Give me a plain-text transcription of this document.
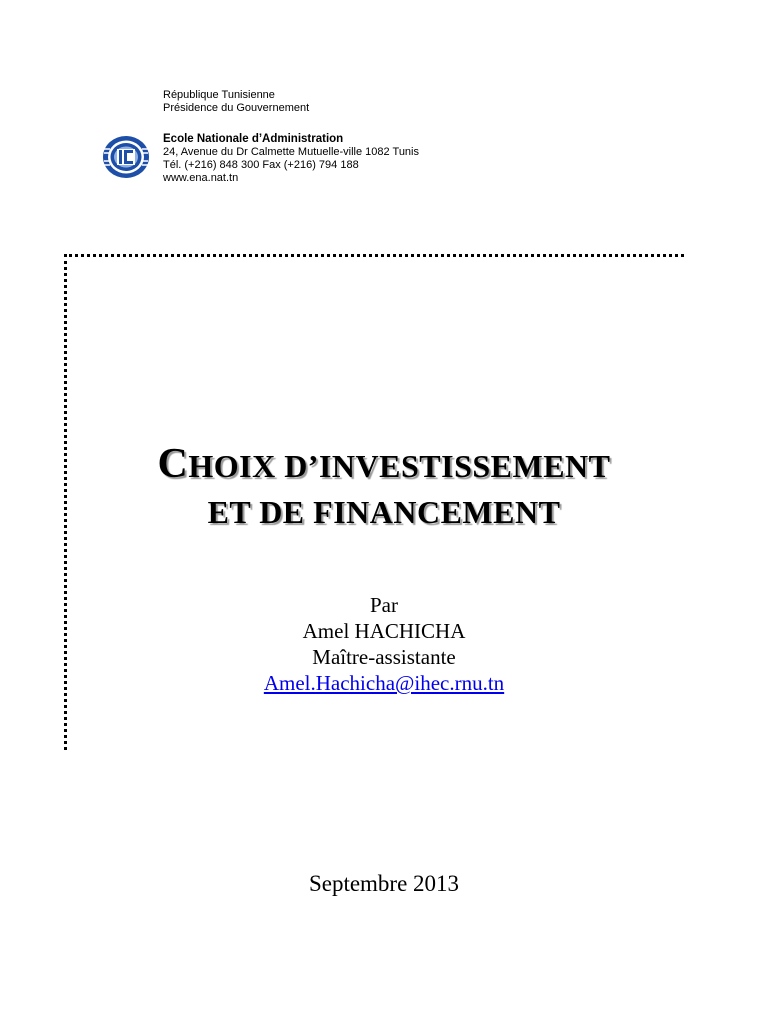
République Tunisienne
Présidence du Gouvernement
Ecole Nationale d’Administration
24, Avenue du Dr Calmette Mutuelle-ville 1082 Tunis
Tél. (+216) 848 300 Fax (+216) 794 188
www.ena.nat.tn
CHOIX D’INVESTISSEMENT
ET DE FINANCEMENT
Par
Amel HACHICHA
Maître-assistante
Amel.Hachicha@ihec.rnu.tn
Septembre 2013
